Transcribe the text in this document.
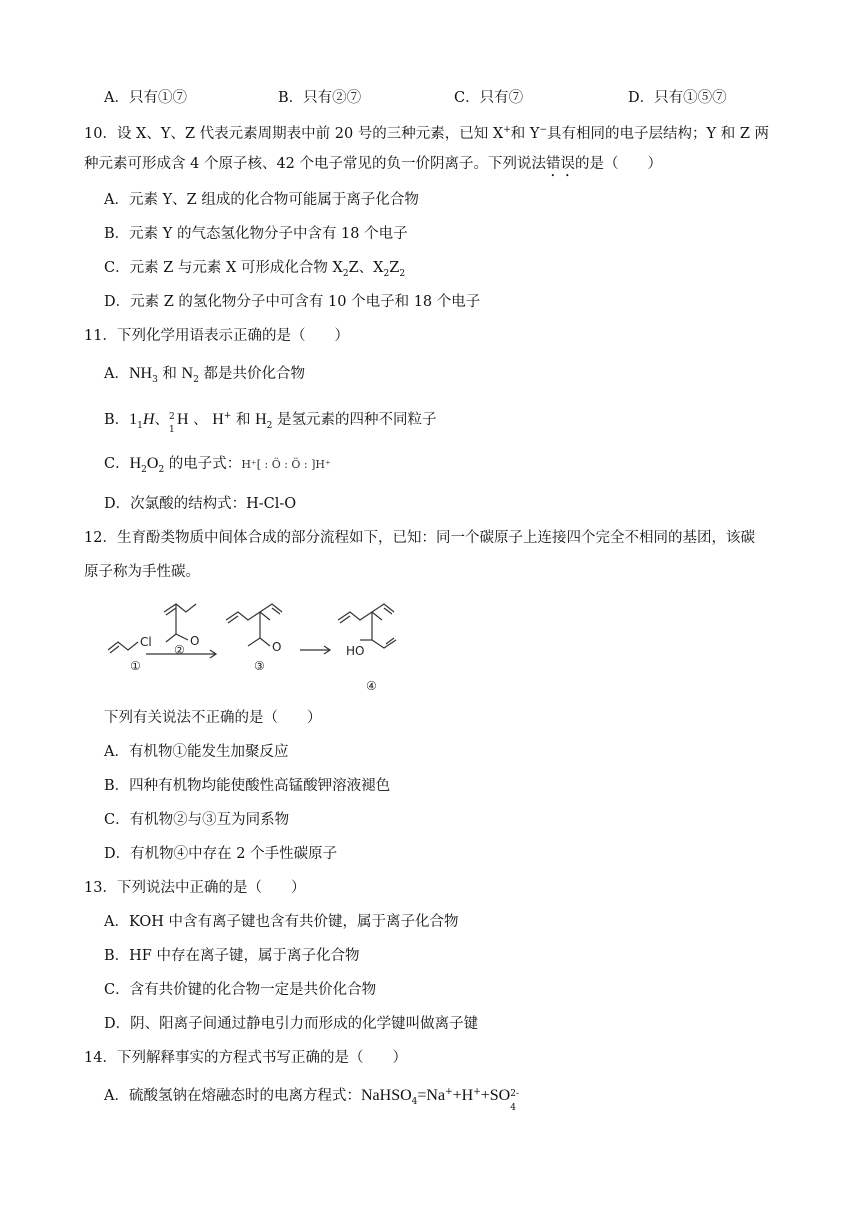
A．只有①⑦	B．只有②⑦	C．只有⑦	D．只有①⑤⑦
10．设 X、Y、Z 代表元素周期表中前 20 号的三种元素，已知 X+和 Y−具有相同的电子层结构；Y 和 Z 两
种元素可形成含 4 个原子核、42 个电子常见的负一价阴离子。下列说法错误的是（　　）
A．元素 Y、Z 组成的化合物可能属于离子化合物
B．元素 Y 的气态氢化物分子中含有 18 个电子
C．元素 Z 与元素 X 可形成化合物 $X_2Z$、$X_2Z_2$
D．元素 Z 的氢化物分子中可含有 10 个电子和 18 个电子
11．下列化学用语表示正确的是（　　）
A．$NH_3$ 和 $N_2$ 都是共价化合物
B．$1_1H$、 2
1
H 、 H+ 和 $H_2$ 是氢元素的四种不同粒子
C．$H_2O_2$ 的电子式：H⁺[ : Ö : Ö : ]H⁺
D．次氯酸的结构式：H-Cl-O
12．生育酚类物质中间体合成的部分流程如下，已知：同一个碳原子上连接四个完全不相同的基团，该碳
原子称为手性碳。
Cl	O	O	HO
①
②
③
④
下列有关说法不正确的是（　　）
A．有机物①能发生加聚反应
B．四种有机物均能使酸性高锰酸钾溶液褪色
C．有机物②与③互为同系物
D．有机物④中存在 2 个手性碳原子
13．下列说法中正确的是（　　）
A．KOH 中含有离子键也含有共价键，属于离子化合物
B．HF 中存在离子键，属于离子化合物
C．含有共价键的化合物一定是共价化合物
D．阴、阳离子间通过静电引力而形成的化学键叫做离子键
14．下列解释事实的方程式书写正确的是（　　）
A．硫酸氢钠在熔融态时的电离方程式：NaHSO$_4$=Na++H++SO 2-
4
